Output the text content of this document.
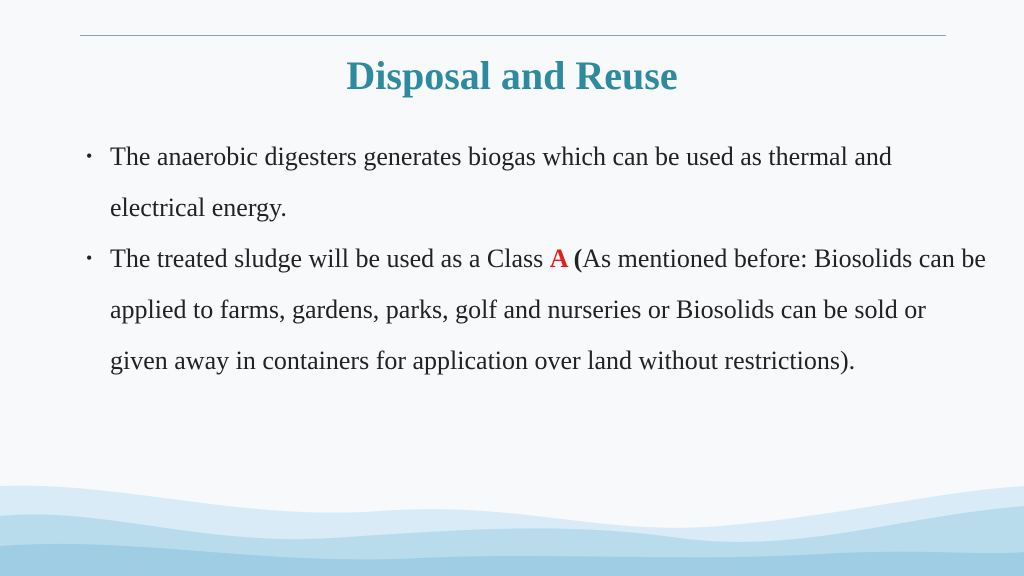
Disposal and Reuse
• The anaerobic digesters generates biogas which can be used as thermal and electrical energy.
• The treated sludge will be used as a Class A (As mentioned before: Biosolids can be applied to farms, gardens, parks, golf and nurseries or Biosolids can be sold or given away in containers for application over land without restrictions).
